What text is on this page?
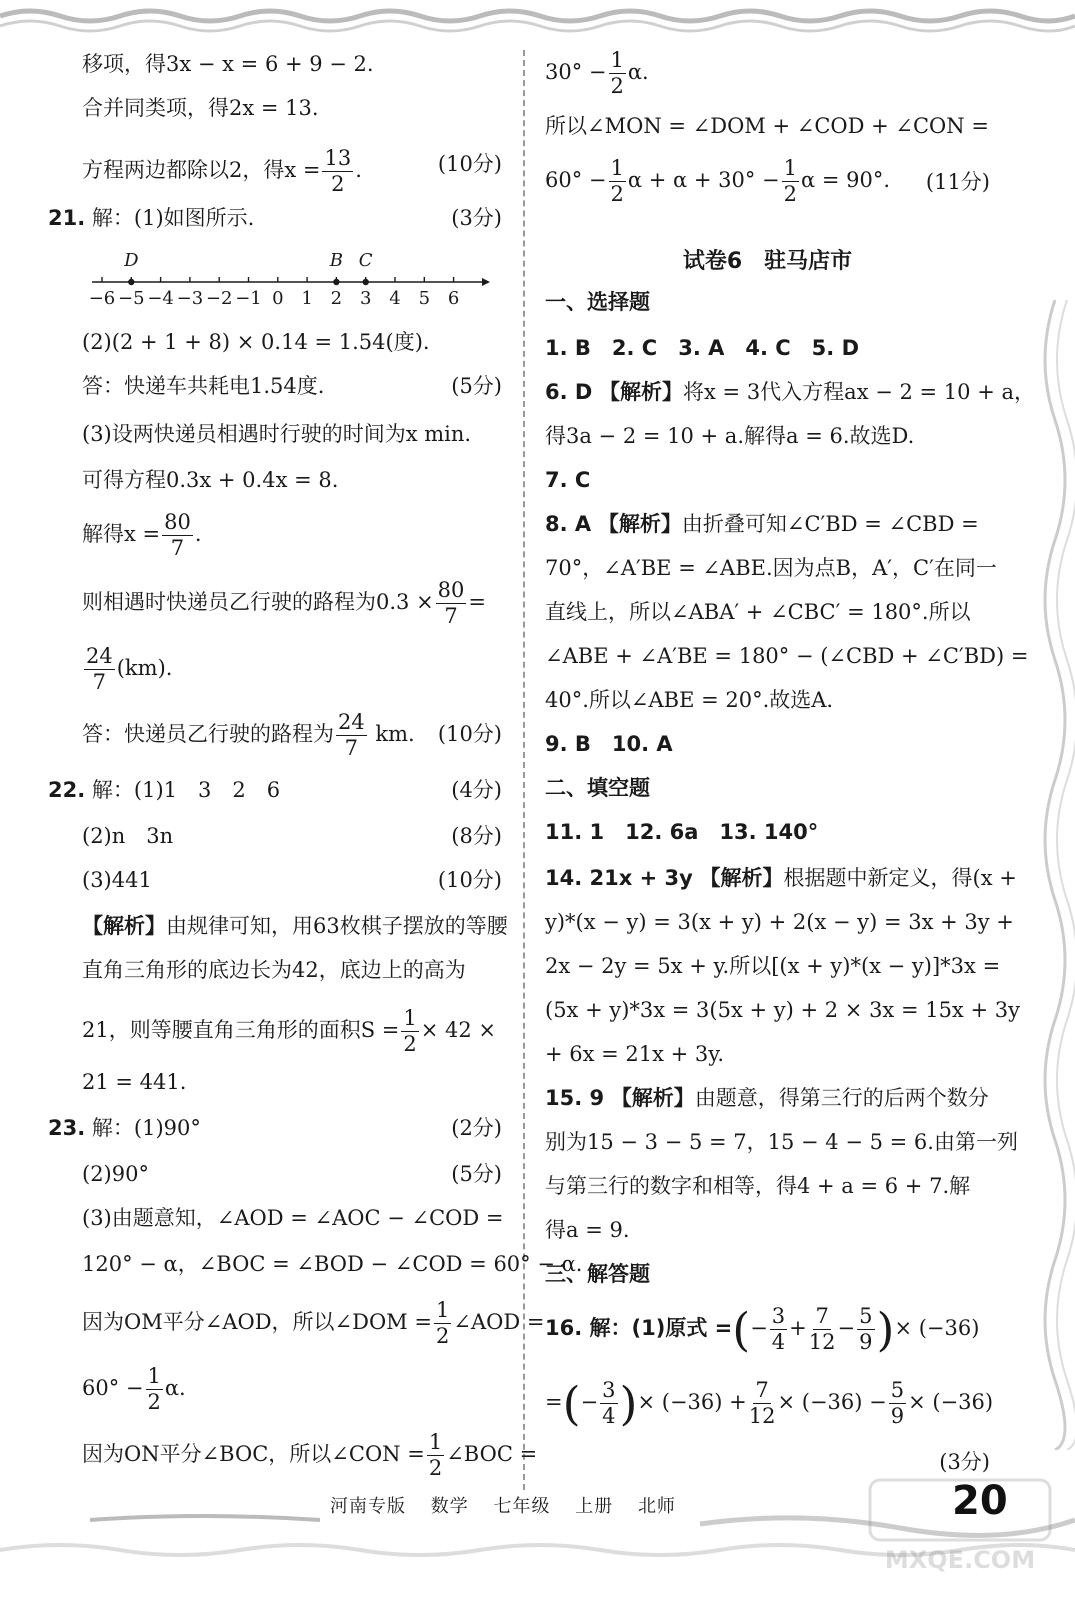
移项，得3x − x = 6 + 9 − 2.
合并同类项，得2x = 13.
方程两边都除以2，得$x = \frac{13}{2}$ .	(10分)
21. 解：(1)如图所示.	(3分)
(2)(2 + 1 + 8) × 0.14 = 1.54(度).
答：快递车共耗电1.54度.	(5分)
(3)设两快递员相遇时行驶的时间为x min.
可得方程0.3x + 0.4x = 8.
解得$x = \frac{80}{7}$ .
则相遇时快递员乙行驶的路程为$0.3 \times \frac{80}{7}$ =
$\frac{24}{7} (km)$.
答：快递员乙行驶的路程为 $\frac{24}{7}$ km. (10分)
22. 解：(1)1　3　2　6	(4分)
(2)n　3n	(8分)
(3)441	(10分)
【解析】由规律可知，用63枚棋子摆放的等腰
直角三角形的底边长为42，底边上的高为
21，则等腰直角三角形的面积$S = \frac{1}{2} \times 42$ ×
21 = 441.
23. 解：(1)90°	(2分)
(2)90°	(5分)
(3)由题意知，∠AOD = ∠AOC − ∠COD =
120° − α，∠BOC = ∠BOD − ∠COD = 60° − α.
因为OM平分∠AOD，所以∠DOM = $\frac{1}{2}$ ∠AOD =
$60^\circ - \frac{1}{2} \alpha$.
因为ON平分∠BOC，所以∠CON = $\frac{1}{2}$ ∠BOC =
−6 −5 −4 −3 −2 −1 0 1 2 3 4 5 6
D	B C
$30^\circ - \frac{1}{2} \alpha$.
所以∠MON = ∠DOM + ∠COD + ∠CON =
$60^\circ - \frac{1}{2}$ $\alpha + \alpha + 30^\circ - \frac{1}{2}$ α = 90°. (11分)
试卷6　驻马店市
一、选择题
1. B　2. C　3. A　4. C　5. D
6. D 【解析】将x = 3代入方程ax − 2 = 10 + a，
得3a − 2 = 10 + a.解得a = 6.故选D.
7. C
8. A 【解析】由折叠可知∠C′BD = ∠CBD =
70°，∠A′BE = ∠ABE.因为点B，A′，C′在同一
直线上，所以∠ABA′ + ∠CBC′ = 180°.所以
∠ABE + ∠A′BE = 180° − (∠CBD + ∠C′BD) =
40°.所以∠ABE = 20°.故选A.
9. B　10. A
二、填空题
11. 1　12. 6a　13. 140°
14. 21x + 3y 【解析】根据题中新定义，得(x +
y)*(x − y) = 3(x + y) + 2(x − y) = 3x + 3y +
2x − 2y = 5x + y.所以[(x + y)*(x − y)]*3x =
(5x + y)*3x = 3(5x + y) + 2 × 3x = 15x + 3y
+ 6x = 21x + 3y.
15. 9 【解析】由题意，得第三行的后两个数分
别为15 − 3 − 5 = 7，15 − 4 − 5 = 6.由第一列
与第三行的数字和相等，得4 + a = 6 + 7.解
得a = 9.
三、解答题
16. 解：(1)原式 =(− $\frac{3}{4} + \frac{7}{12} - \frac{5}{9}$ )× (−36)
=(− $\frac{3}{4}$ )× $(-36) + \frac{7}{12} \times (-36) - \frac{5}{9} \times (-36)$
(3分)
河南专版 数学 七年级 上册 北师	20
MXQE.COM
